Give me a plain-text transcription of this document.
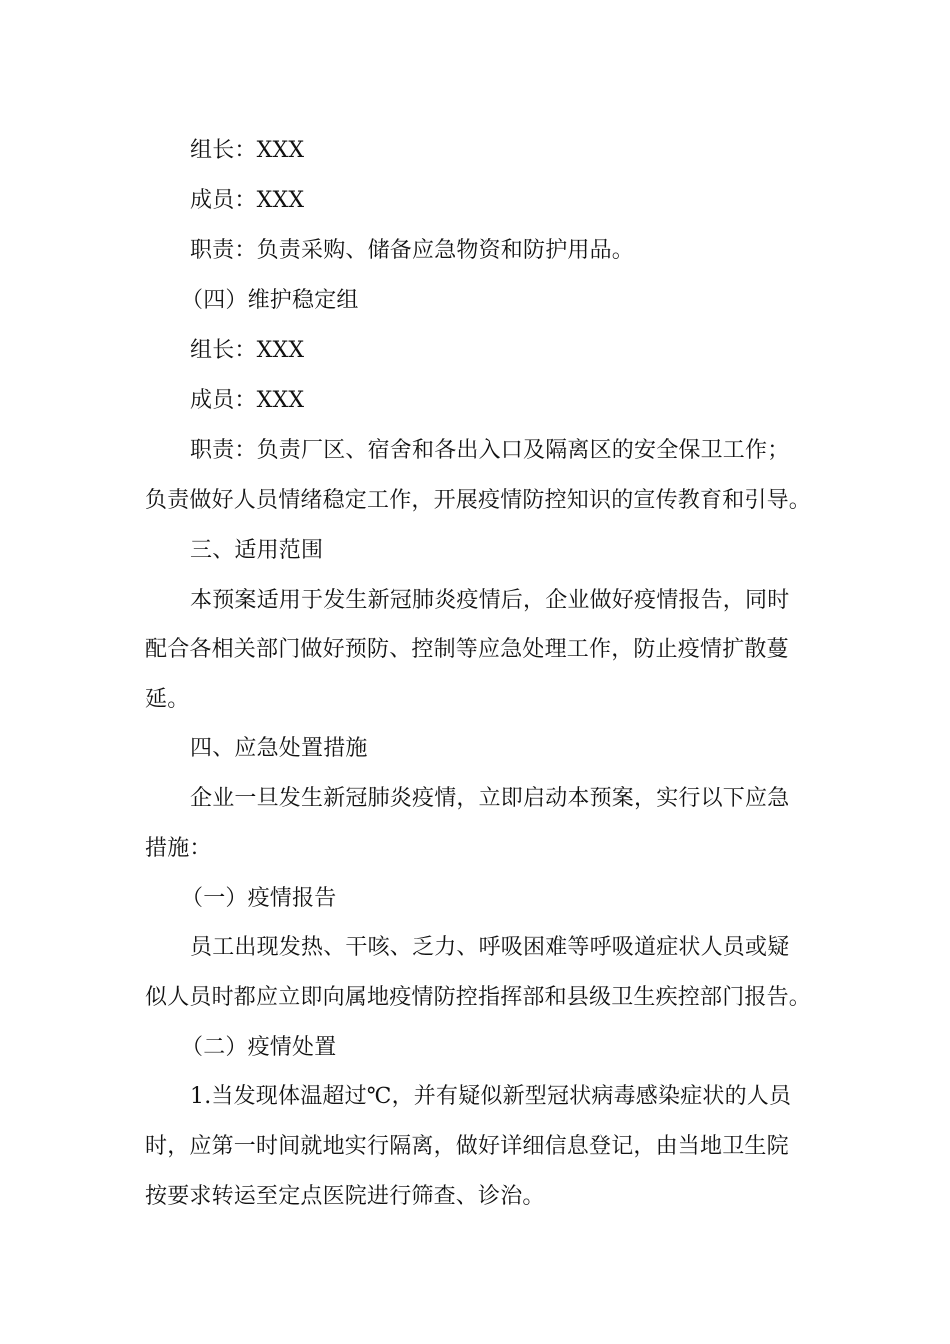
组长：XXX
成员：XXX
职责：负责采购、储备应急物资和防护用品。
（四）维护稳定组
组长：XXX
成员：XXX
职责：负责厂区、宿舍和各出入口及隔离区的安全保卫工作；
负责做好人员情绪稳定工作，开展疫情防控知识的宣传教育和引导。
三、适用范围
本预案适用于发生新冠肺炎疫情后，企业做好疫情报告，同时
配合各相关部门做好预防、控制等应急处理工作，防止疫情扩散蔓
延。
四、应急处置措施
企业一旦发生新冠肺炎疫情，立即启动本预案，实行以下应急
措施：
（一）疫情报告
员工出现发热、干咳、乏力、呼吸困难等呼吸道症状人员或疑
似人员时都应立即向属地疫情防控指挥部和县级卫生疾控部门报告。
（二）疫情处置
1.当发现体温超过℃，并有疑似新型冠状病毒感染症状的人员
时，应第一时间就地实行隔离，做好详细信息登记，由当地卫生院
按要求转运至定点医院进行筛查、诊治。
